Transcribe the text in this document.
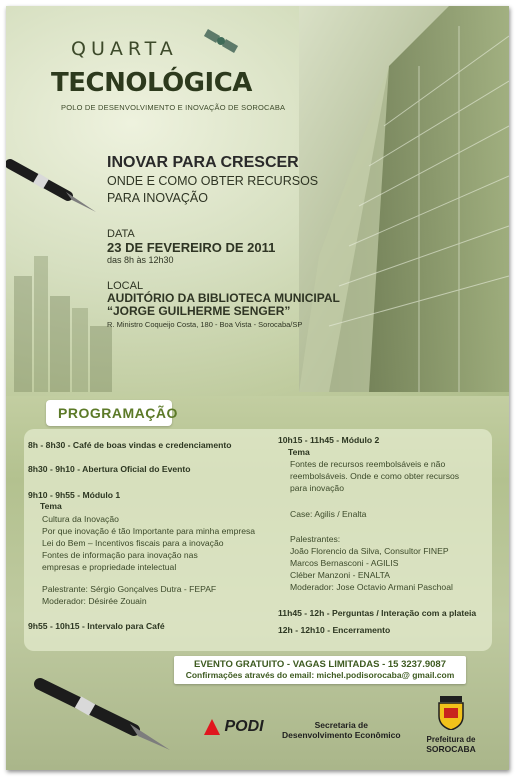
QUARTA
TECNOLÓGICA
POLO DE DESENVOLVIMENTO E INOVAÇÃO DE SOROCABA
INOVAR PARA CRESCER
ONDE E COMO OBTER RECURSOS
PARA INOVAÇÃO
DATA
23 DE FEVEREIRO DE 2011
das 8h às 12h30
LOCAL
AUDITÓRIO DA BIBLIOTECA MUNICIPAL
“JORGE GUILHERME SENGER”
R. Ministro Coqueijo Costa, 180 - Boa Vista - Sorocaba/SP
PROGRAMAÇÃO
8h - 8h30 - Café de boas vindas e credenciamento
8h30 - 9h10 - Abertura Oficial do Evento
9h10 - 9h55 - Módulo 1
Tema
Cultura da Inovação
Por que inovação é tão Importante para minha empresa
Lei do Bem – Incentivos fiscais para a inovação
Fontes de informação para inovação nas
empresas e propriedade intelectual
Palestrante: Sérgio Gonçalves Dutra - FEPAF
Moderador: Désirée Zouain
9h55 - 10h15 - Intervalo para Café
10h15 - 11h45 - Módulo 2
Tema
Fontes de recursos reembolsáveis e não
reembolsáveis. Onde e como obter recursos
para inovação
Case: Agilis / Enalta
Palestrantes:
João Florencio da Silva, Consultor FINEP
Marcos Bernasconi - AGILIS
Cléber Manzoni - ENALTA
Moderador: Jose Octavio Armani Paschoal
11h45 - 12h - Perguntas / Interação com a plateia
12h - 12h10 - Encerramento
EVENTO GRATUITO - VAGAS LIMITADAS - 15 3237.9087
Confirmações através do email: michel.podisorocaba@ gmail.com
PODI	Secretaria de
Desenvolvimento Econômico	Prefeitura de
SOROCABA
